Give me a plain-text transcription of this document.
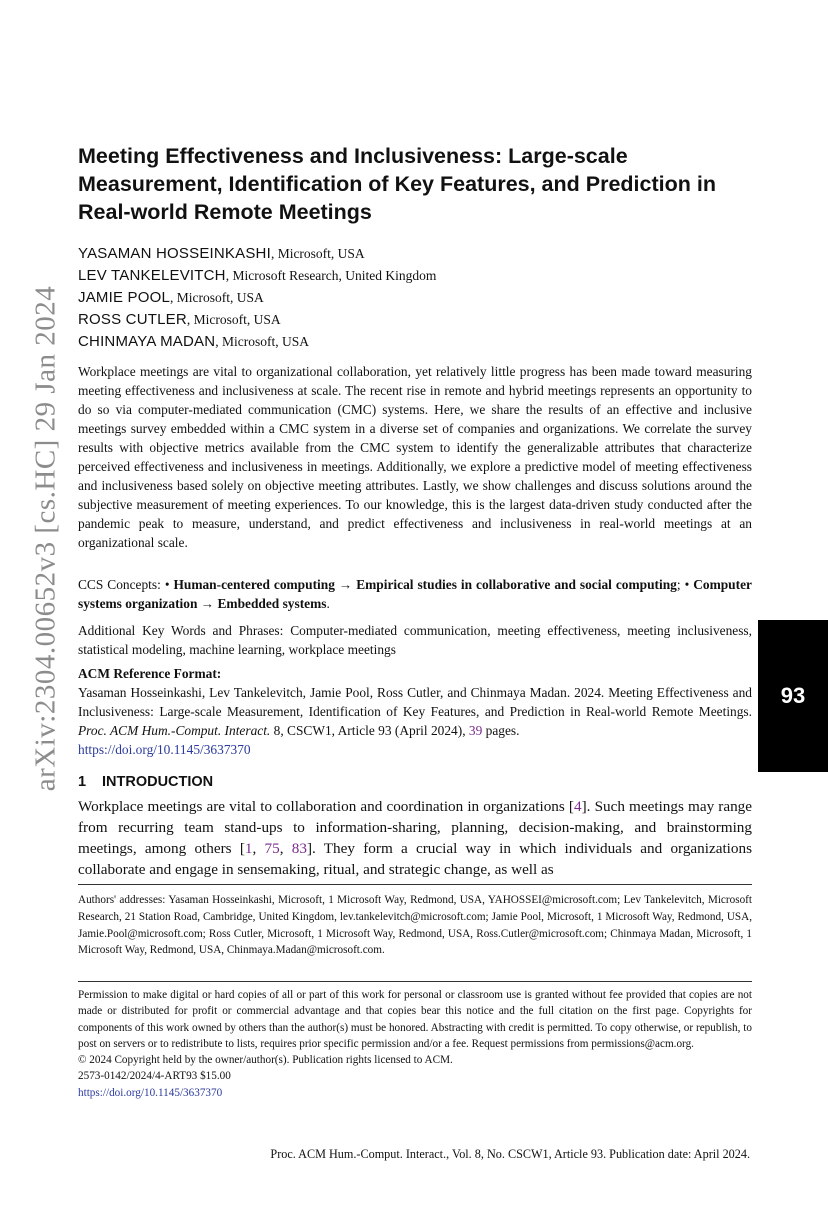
arXiv:2304.00652v3 [cs.HC] 29 Jan 2024	93
Meeting Effectiveness and Inclusiveness: Large-scale Measurement, Identification of Key Features, and Prediction in Real-world Remote Meetings
YASAMAN HOSSEINKASHI, Microsoft, USA
LEV TANKELEVITCH, Microsoft Research, United Kingdom
JAMIE POOL, Microsoft, USA
ROSS CUTLER, Microsoft, USA
CHINMAYA MADAN, Microsoft, USA

Workplace meetings are vital to organizational collaboration, yet relatively little progress has been made toward measuring meeting effectiveness and inclusiveness at scale. The recent rise in remote and hybrid meetings represents an opportunity to do so via computer-mediated communication (CMC) systems. Here, we share the results of an effective and inclusive meetings survey embedded within a CMC system in a diverse set of companies and organizations. We correlate the survey results with objective metrics available from the CMC system to identify the generalizable attributes that characterize perceived effectiveness and inclusiveness in meetings. Additionally, we explore a predictive model of meeting effectiveness and inclusiveness based solely on objective meeting attributes. Lastly, we show challenges and discuss solutions around the subjective measurement of meeting experiences. To our knowledge, this is the largest data-driven study conducted after the pandemic peak to measure, understand, and predict effectiveness and inclusiveness in real-world meetings at an organizational scale.

CCS Concepts: • Human-centered computing → Empirical studies in collaborative and social computing; • Computer systems organization → Embedded systems.

Additional Key Words and Phrases: Computer-mediated communication, meeting effectiveness, meeting inclusiveness, statistical modeling, machine learning, workplace meetings

ACM Reference Format:
Yasaman Hosseinkashi, Lev Tankelevitch, Jamie Pool, Ross Cutler, and Chinmaya Madan. 2024. Meeting Effectiveness and Inclusiveness: Large-scale Measurement, Identification of Key Features, and Prediction in Real-world Remote Meetings. Proc. ACM Hum.-Comput. Interact. 8, CSCW1, Article 93 (April 2024), 39 pages.
https://doi.org/10.1145/3637370
1 INTRODUCTION

Workplace meetings are vital to collaboration and coordination in organizations [4]. Such meetings may range from recurring team stand-ups to information-sharing, planning, decision-making, and brainstorming meetings, among others [1, 75, 83]. They form a crucial way in which individuals and organizations collaborate and engage in sensemaking, ritual, and strategic change, as well as

Authors' addresses: Yasaman Hosseinkashi, Microsoft, 1 Microsoft Way, Redmond, USA, YAHOSSEI@microsoft.com; Lev Tankelevitch, Microsoft Research, 21 Station Road, Cambridge, United Kingdom, lev.tankelevitch@microsoft.com; Jamie Pool, Microsoft, 1 Microsoft Way, Redmond, USA, Jamie.Pool@microsoft.com; Ross Cutler, Microsoft, 1 Microsoft Way, Redmond, USA, Ross.Cutler@microsoft.com; Chinmaya Madan, Microsoft, 1 Microsoft Way, Redmond, USA, Chinmaya.Madan@microsoft.com.

Permission to make digital or hard copies of all or part of this work for personal or classroom use is granted without fee provided that copies are not made or distributed for profit or commercial advantage and that copies bear this notice and the full citation on the first page. Copyrights for components of this work owned by others than the author(s) must be honored. Abstracting with credit is permitted. To copy otherwise, or republish, to post on servers or to redistribute to lists, requires prior specific permission and/or a fee. Request permissions from permissions@acm.org.
© 2024 Copyright held by the owner/author(s). Publication rights licensed to ACM.
2573-0142/2024/4-ART93 $15.00
https://doi.org/10.1145/3637370
Proc. ACM Hum.-Comput. Interact., Vol. 8, No. CSCW1, Article 93. Publication date: April 2024.
